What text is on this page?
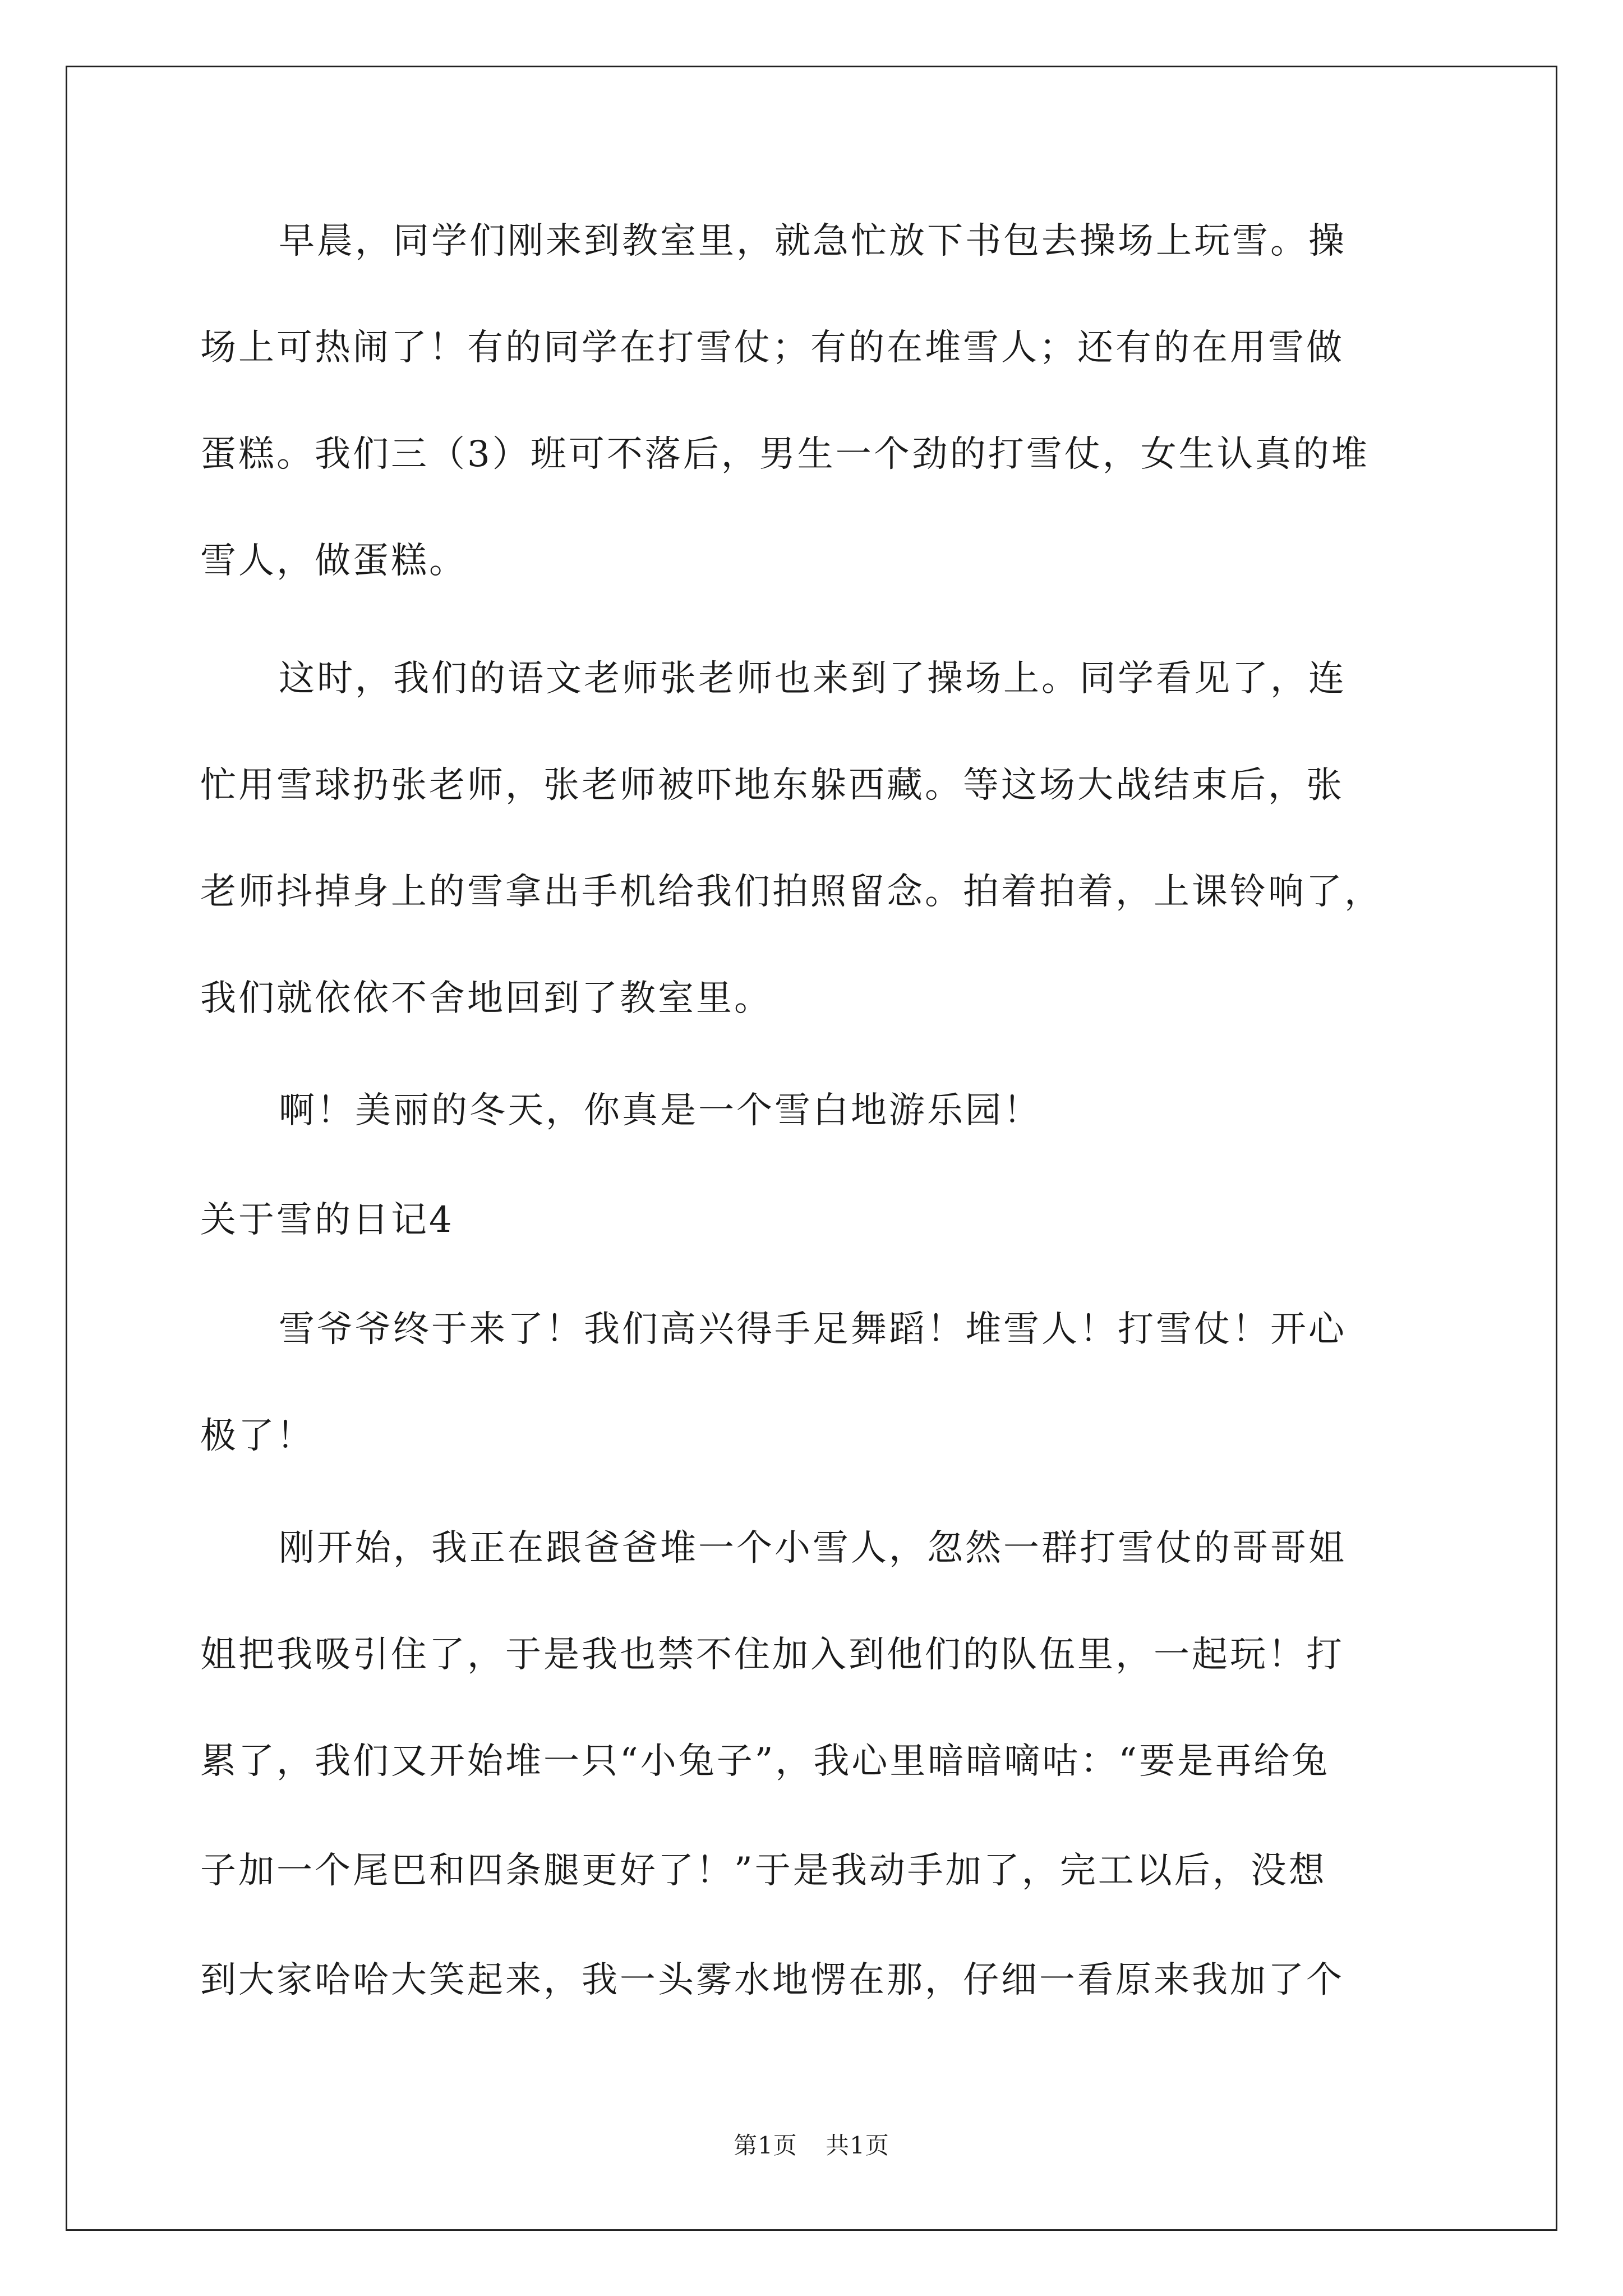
早晨，同学们刚来到教室里，就急忙放下书包去操场上玩雪。操
场上可热闹了！有的同学在打雪仗；有的在堆雪人；还有的在用雪做
蛋糕。我们三（3）班可不落后，男生一个劲的打雪仗，女生认真的堆
雪人，做蛋糕。
这时，我们的语文老师张老师也来到了操场上。同学看见了，连
忙用雪球扔张老师，张老师被吓地东躲西藏。等这场大战结束后，张
老师抖掉身上的雪拿出手机给我们拍照留念。拍着拍着，上课铃响了，
我们就依依不舍地回到了教室里。
啊！美丽的冬天，你真是一个雪白地游乐园！
关于雪的日记4
雪爷爷终于来了！我们高兴得手足舞蹈！堆雪人！打雪仗！开心
极了！
刚开始，我正在跟爸爸堆一个小雪人，忽然一群打雪仗的哥哥姐
姐把我吸引住了，于是我也禁不住加入到他们的队伍里，一起玩！打
累了，我们又开始堆一只“小兔子”，我心里暗暗嘀咕：“要是再给兔
子加一个尾巴和四条腿更好了！”于是我动手加了，完工以后，没想
到大家哈哈大笑起来，我一头雾水地愣在那，仔细一看原来我加了个
第1页 共1页
